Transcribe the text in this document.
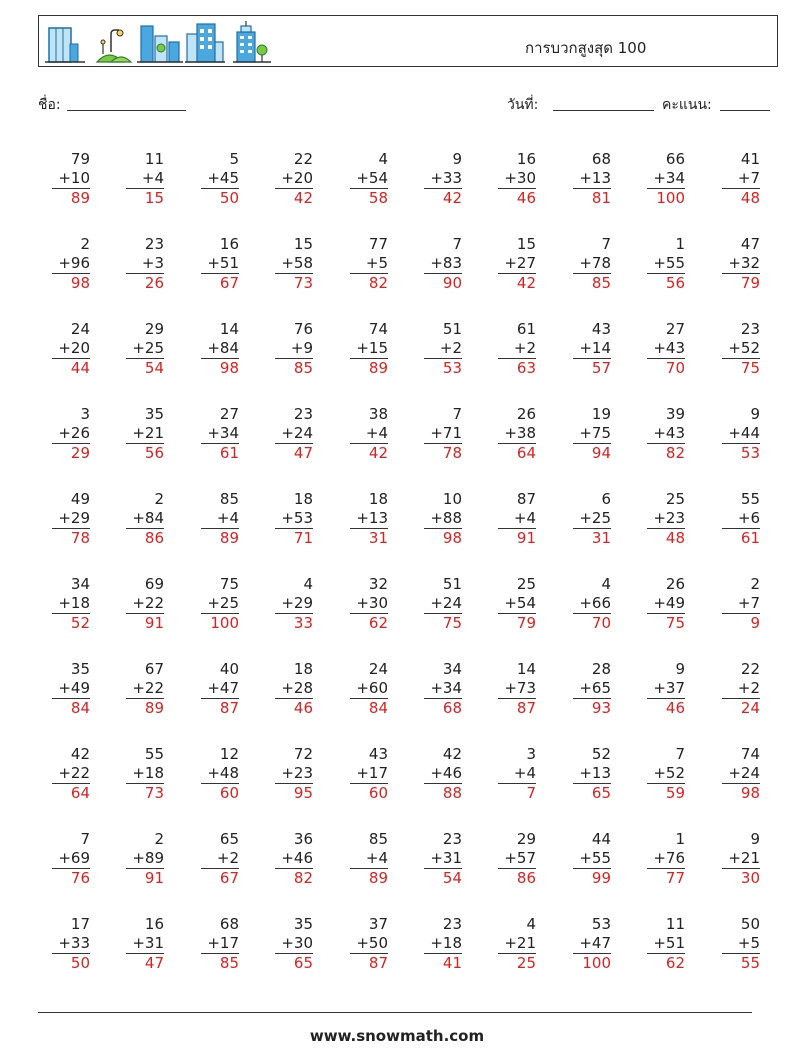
การบวกสูงสุด 100
ชื่อ:	วันที่:	คะแนน:
79
+10
89
11
+4
15
5
+45
50
22
+20
42
4
+54
58
9
+33
42
16
+30
46
68
+13
81
66
+34
100
41
+7
48
2
+96
98
23
+3
26
16
+51
67
15
+58
73
77
+5
82
7
+83
90
15
+27
42
7
+78
85
1
+55
56
47
+32
79
24
+20
44
29
+25
54
14
+84
98
76
+9
85
74
+15
89
51
+2
53
61
+2
63
43
+14
57
27
+43
70
23
+52
75
3
+26
29
35
+21
56
27
+34
61
23
+24
47
38
+4
42
7
+71
78
26
+38
64
19
+75
94
39
+43
82
9
+44
53
49
+29
78
2
+84
86
85
+4
89
18
+53
71
18
+13
31
10
+88
98
87
+4
91
6
+25
31
25
+23
48
55
+6
61
34
+18
52
69
+22
91
75
+25
100
4
+29
33
32
+30
62
51
+24
75
25
+54
79
4
+66
70
26
+49
75
2
+7
9
35
+49
84
67
+22
89
40
+47
87
18
+28
46
24
+60
84
34
+34
68
14
+73
87
28
+65
93
9
+37
46
22
+2
24
42
+22
64
55
+18
73
12
+48
60
72
+23
95
43
+17
60
42
+46
88
3
+4
7
52
+13
65
7
+52
59
74
+24
98
7
+69
76
2
+89
91
65
+2
67
36
+46
82
85
+4
89
23
+31
54
29
+57
86
44
+55
99
1
+76
77
9
+21
30
17
+33
50
16
+31
47
68
+17
85
35
+30
65
37
+50
87
23
+18
41
4
+21
25
53
+47
100
11
+51
62
50
+5
55
www.snowmath.com
